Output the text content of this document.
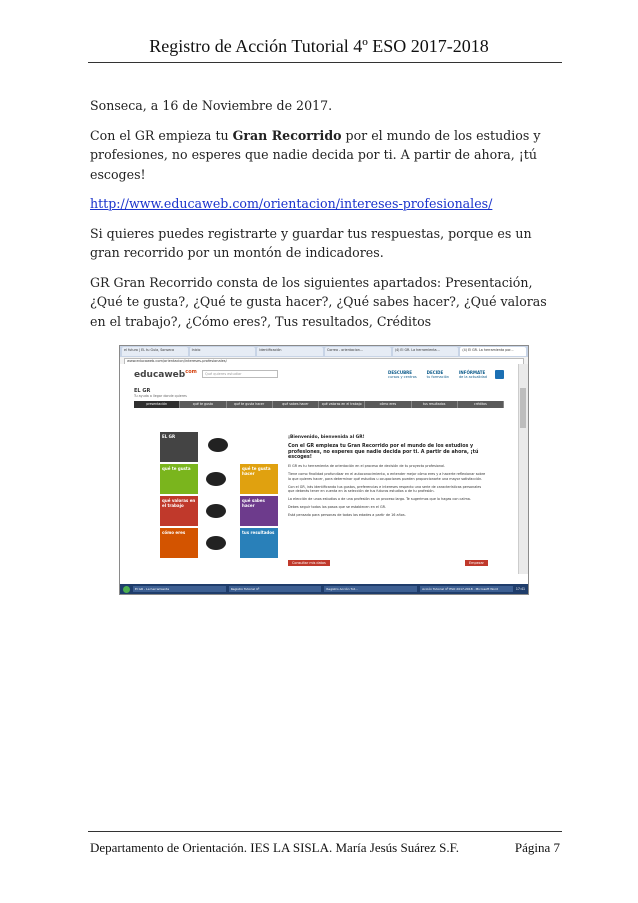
Registro de Acción Tutorial 4º ESO 2017-2018

Sonseca, a 16 de Noviembre de 2017.

Con el GR empieza tu Gran Recorrido por el mundo de los estudios y profesiones, no esperes que nadie decida por ti. A partir de ahora, ¡tú escoges!

http://www.educaweb.com/orientacion/intereses-profesionales/

Si quieres puedes registrarte y guardar tus respuestas, porque es un gran recorrido por un montón de indicadores.

GR Gran Recorrido consta de los siguientes apartados: Presentación, ¿Qué te gusta?, ¿Qué te gusta hacer?, ¿Qué sabes hacer?, ¿Qué valoras en el trabajo?, ¿Cómo eres?, Tus resultados, Créditos

el futuro | EL tu Guía, Sonseca	Inicio	Identificación	Correo - orientacion...	(4) El GR. La herramienta...	(4) El GR. La herramienta por...
www.educaweb.com/orientacion/intereses-profesionales/
educaweb$^{com}$	Qué quieres estudiar	DESCUBRE
cursos y centros
DECIDE
tu formación
INFÓRMATE
de la actualidad
EL GR
Tu ayuda a llegar donde quieres
presentación	qué te gusta	qué te gusta hacer	qué sabes hacer	qué valoras en el trabajo	cómo eres	tus resultados	créditos
EL GR
qué te gusta	qué te gusta hacer
qué valoras en el trabajo
qué sabes hacer
cómo eres	tus resultados
¡Bienvenido, bienvenida al GR!
Con el GR empieza tu Gran Recorrido por el mundo de los estudios y profesiones, no esperes que nadie decida por ti. A partir de ahora, ¡tú escoges!

El GR es tu herramienta de orientación en el proceso de decisión de tu proyecto profesional.

Tiene como finalidad profundizar en el autoconocimiento, a entender mejor cómo eres y a hacerte reflexionar sobre lo que quieres hacer, para determinar qué estudios u ocupaciones pueden proporcionarte una mayor satisfacción.

Con el GR, irás identificando tus gustos, preferencias e intereses respecto una serie de características personales que deberás tener en cuenta en la selección de tus futuros estudios o de tu profesión.

La elección de unos estudios o de una profesión es un proceso largo. Te sugerimos que lo hagas con calma.

Debes seguir todos los pasos que se establecen en el GR.

Está pensado para personas de todas las edades a partir de 16 años.

Consultar mis datos	Empezar
El GR - La herramienta	Registro Tutorial 4º	Registro Acción Tut...	Acción Tutorial 4º ESO 2017-2018 - Microsoft Word	17:41
Departamento de Orientación. IES LA SISLA. María Jesús Suárez S.F.	Página 7
